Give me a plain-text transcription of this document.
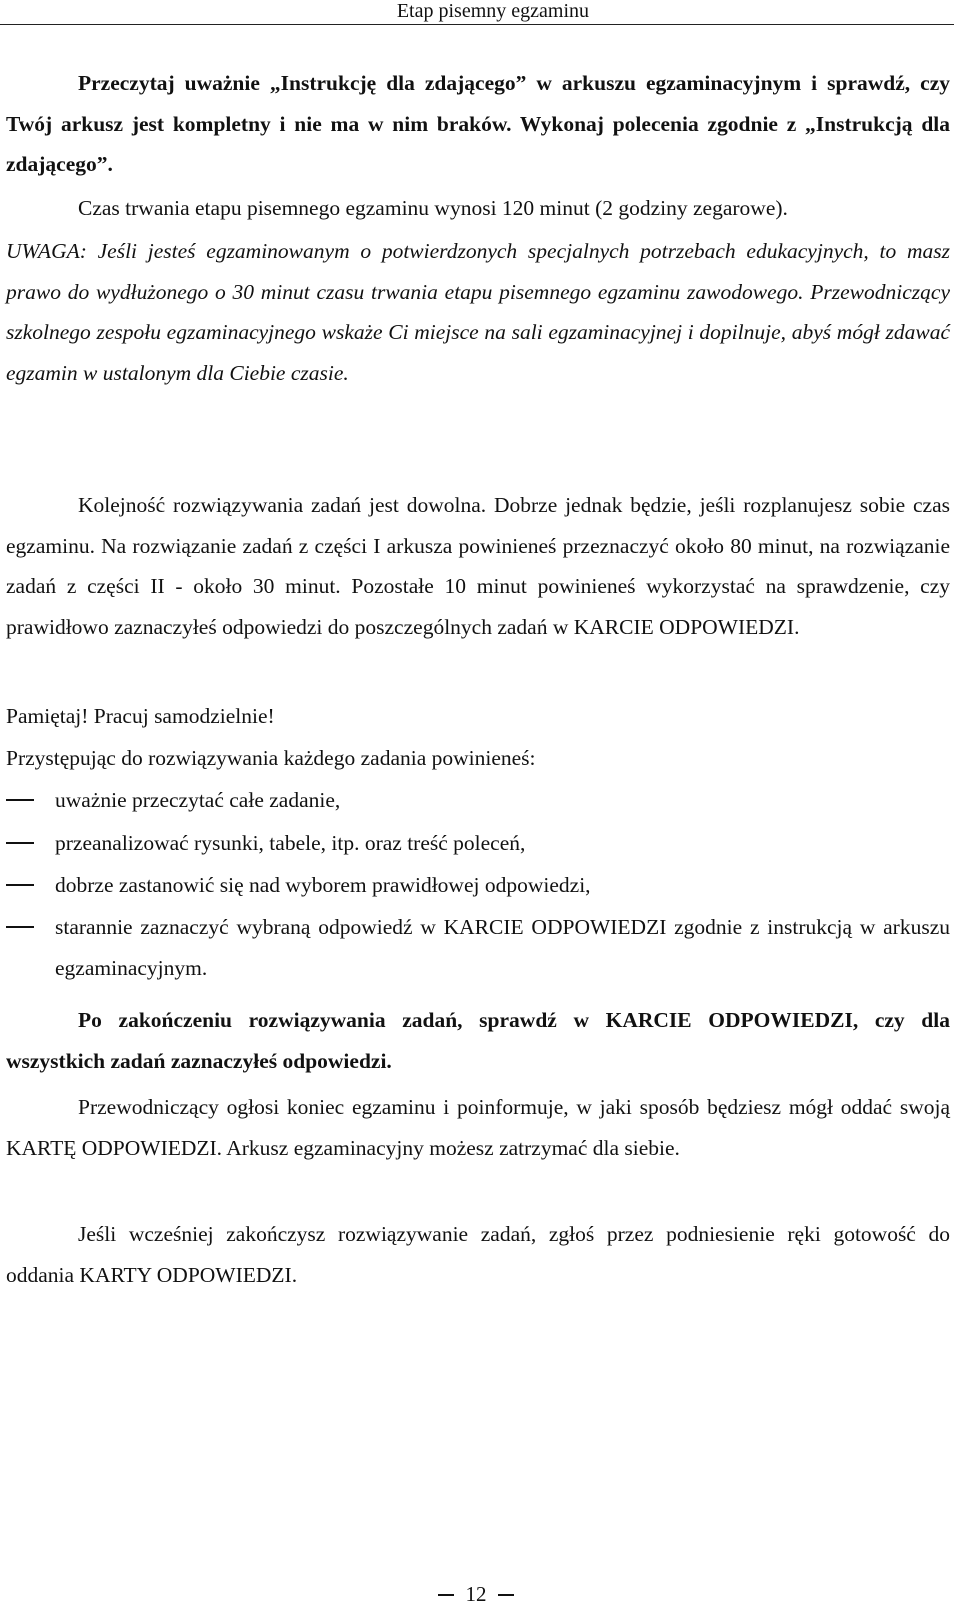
Etap pisemny egzaminu

Przeczytaj uważnie „Instrukcję dla zdającego” w arkuszu egzaminacyjnym i sprawdź, czy Twój arkusz jest kompletny i nie ma w nim braków. Wykonaj polecenia zgodnie z „Instrukcją dla zdającego”.

Czas trwania etapu pisemnego egzaminu wynosi 120 minut (2 godziny zegarowe).

UWAGA: Jeśli jesteś egzaminowanym o potwierdzonych specjalnych potrzebach edukacyjnych, to masz prawo do wydłużonego o 30 minut czasu trwania etapu pisemnego egzaminu zawodowego. Przewodniczący szkolnego zespołu egzaminacyjnego wskaże Ci miejsce na sali egzaminacyjnej i dopilnuje, abyś mógł zdawać egzamin w ustalonym dla Ciebie czasie.

Kolejność rozwiązywania zadań jest dowolna. Dobrze jednak będzie, jeśli rozplanujesz sobie czas egzaminu. Na rozwiązanie zadań z części I arkusza powinieneś przeznaczyć około 80 minut, na rozwiązanie zadań z części II - około 30 minut. Pozostałe 10 minut powinieneś wykorzystać na sprawdzenie, czy prawidłowo zaznaczyłeś odpowiedzi do poszczególnych zadań w KARCIE ODPOWIEDZI.

Pamiętaj! Pracuj samodzielnie!

Przystępując do rozwiązywania każdego zadania powinieneś:

uważnie przeczytać całe zadanie,
przeanalizować rysunki, tabele, itp. oraz treść poleceń,
dobrze zastanowić się nad wyborem prawidłowej odpowiedzi,
starannie zaznaczyć wybraną odpowiedź w KARCIE ODPOWIEDZI zgodnie z instrukcją w arkuszu egzaminacyjnym.

Po zakończeniu rozwiązywania zadań, sprawdź w KARCIE ODPOWIEDZI, czy dla wszystkich zadań zaznaczyłeś odpowiedzi.

Przewodniczący ogłosi koniec egzaminu i poinformuje, w jaki sposób będziesz mógł oddać swoją KARTĘ ODPOWIEDZI. Arkusz egzaminacyjny możesz zatrzymać dla siebie.

Jeśli wcześniej zakończysz rozwiązywanie zadań, zgłoś przez podniesienie ręki gotowość do oddania KARTY ODPOWIEDZI.

12
